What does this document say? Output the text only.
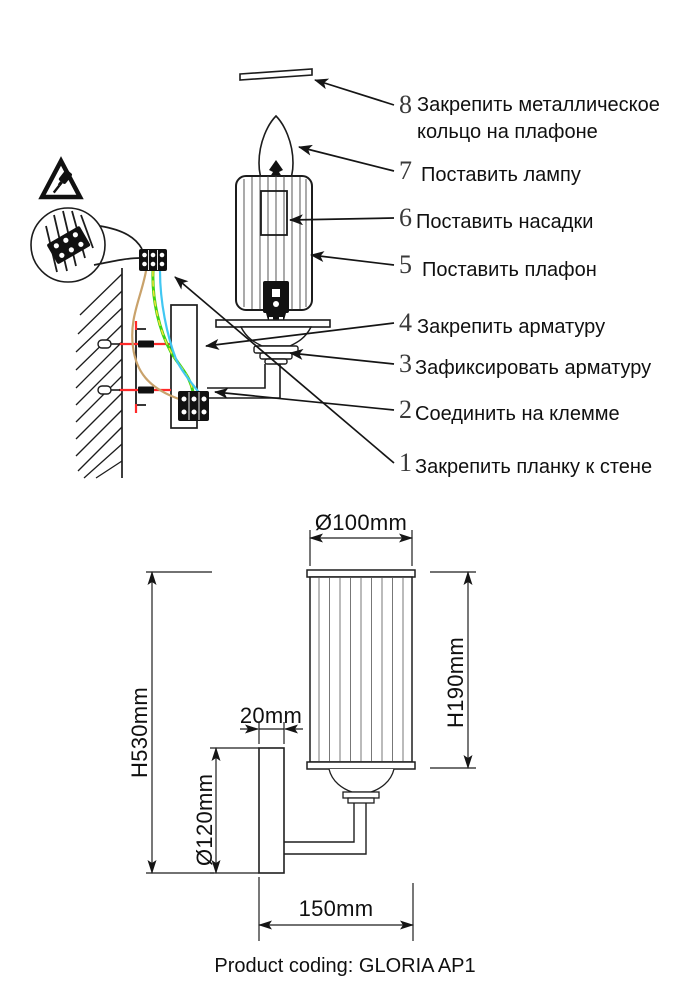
8 Закрепить металлическое кольцо на плафоне
7 Поставить лампу
6 Поставить насадки
5 Поставить плафон
4 Закрепить арматуру
3 Зафиксировать арматуру
2 Соединить на клемме
1 Закрепить планку к стене
Ø100mm
H190mm
H530mm	20mm
Ø120mm
150mm
Product coding: GLORIA AP1
